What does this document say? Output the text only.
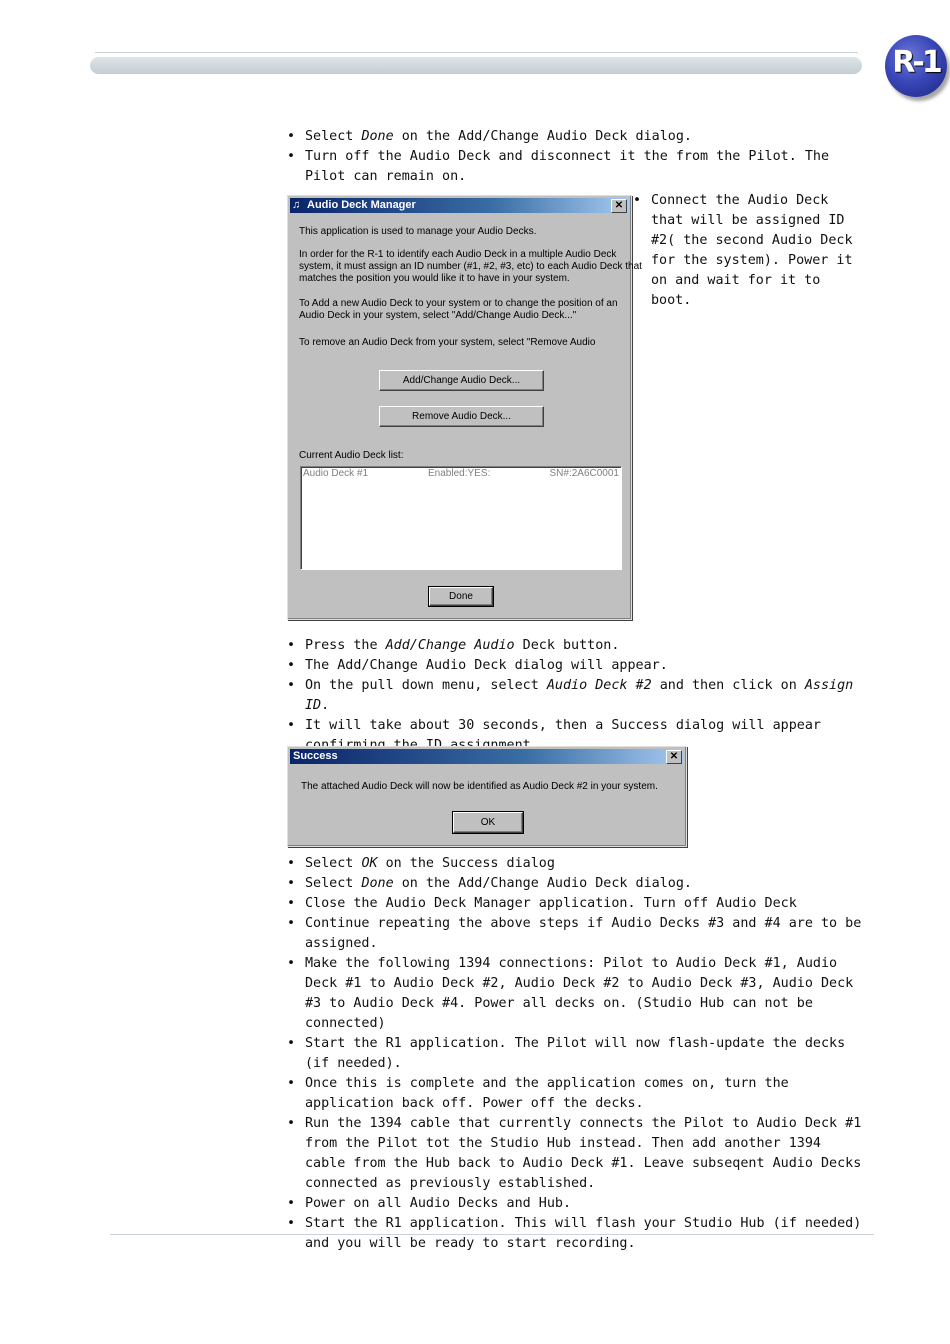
R-1
• Select Done on the Add/Change Audio Deck dialog.
• Turn off the Audio Deck and disconnect it the from the Pilot. The Pilot can remain on.
• Connect the Audio Deck that will be assigned ID #2( the second Audio Deck for the system). Power it on and wait for it to boot.
• Press the Add/Change Audio Deck button.
• The Add/Change Audio Deck dialog will appear.
• On the pull down menu, select Audio Deck #2 and then click on Assign ID.
• It will take about 30 seconds, then a Success dialog will appear
• Select OK on the Success dialog
• Select Done on the Add/Change Audio Deck dialog.
• Close the Audio Deck Manager application. Turn off Audio Deck
• Continue repeating the above steps if Audio Decks #3 and #4 are to be assigned.
• Make the following 1394 connections: Pilot to Audio Deck #1, Audio Deck #1 to Audio Deck #2, Audio Deck #2 to Audio Deck #3, Audio Deck #3 to Audio Deck #4. Power all decks on. (Studio Hub can not be connected)
• Start the R1 application. The Pilot will now flash-update the decks (if needed).
• Once this is complete and the application comes on, turn the application back off. Power off the decks.
• Run the 1394 cable that currently connects the Pilot to Audio Deck #1 from the Pilot tot the Studio Hub instead. Then add another 1394 cable from the Hub back to Audio Deck #1. Leave subseqent Audio Decks connected as previously established.
• Power on all Audio Decks and Hub.
• Start the R1 application. This will flash your Studio Hub (if needed) and you will be ready to start recording.
♫ Audio Deck Manager	✕
This application is used to manage your Audio Decks.
In order for the R-1 to identify each Audio Deck in a multiple Audio Deck
system, it must assign an ID number (#1, #2, #3, etc) to each Audio Deck that
matches the position you would like it to have in your system.
To Add a new Audio Deck to your system or to change the position of an
Audio Deck in your system, select "Add/Change Audio Deck..."
To remove an Audio Deck from your system, select "Remove Audio
Add/Change Audio Deck...
Remove Audio Deck...
Current Audio Deck list:
Audio Deck #1	Enabled:YES:	SN#:2A6C0001
Done
Success	✕
The attached Audio Deck will now be identified as Audio Deck #2 in your system.
OK
